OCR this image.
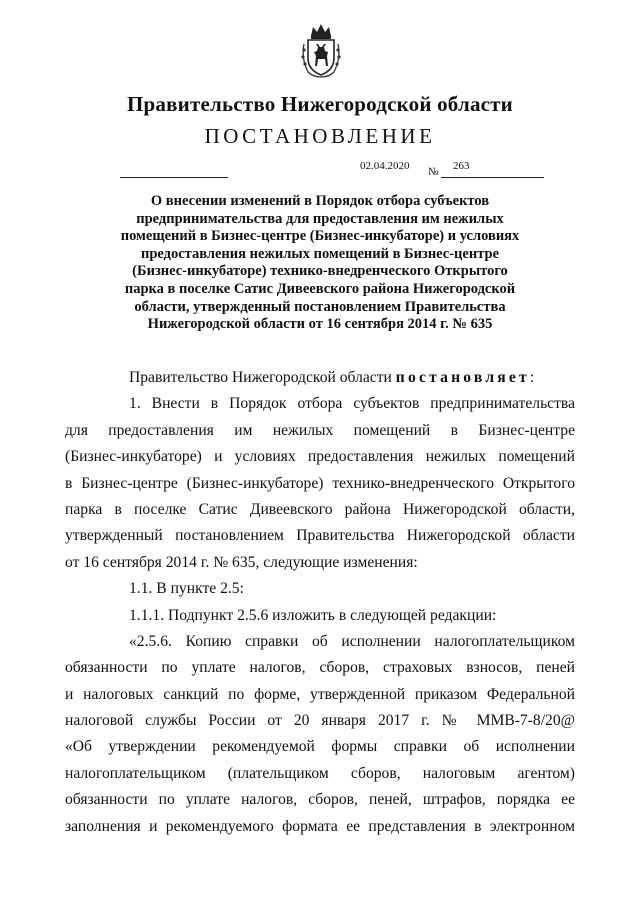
Правительство Нижегородской области
ПОСТАНОВЛЕНИЕ
02.04.2020 № 263
О внесении изменений в Порядок отбора субъектов
предпринимательства для предоставления им нежилых
помещений в Бизнес-центре (Бизнес-инкубаторе) и условиях
предоставления нежилых помещений в Бизнес-центре
(Бизнес-инкубаторе) технико-внедренческого Открытого
парка в поселке Сатис Дивеевского района Нижегородской
области, утвержденный постановлением Правительства
Нижегородской области от 16 сентября 2014 г. № 635
Правительство Нижегородской области постановляет:
1. Внести в Порядок отбора субъектов предпринимательства
для предоставления им нежилых помещений в Бизнес-центре
(Бизнес-инкубаторе) и условиях предоставления нежилых помещений
в Бизнес-центре (Бизнес-инкубаторе) технико-внедренческого Открытого
парка в поселке Сатис Дивеевского района Нижегородской области,
утвержденный постановлением Правительства Нижегородской области
от 16 сентября 2014 г. № 635, следующие изменения:
1.1. В пункте 2.5:
1.1.1. Подпункт 2.5.6 изложить в следующей редакции:
«2.5.6. Копию справки об исполнении налогоплательщиком
обязанности по уплате налогов, сборов, страховых взносов, пеней
и налоговых санкций по форме, утвержденной приказом Федеральной
налоговой службы России от 20 января 2017 г. № ММВ-7-8/20@
«Об утверждении рекомендуемой формы справки об исполнении
налогоплательщиком (плательщиком сборов, налоговым агентом)
обязанности по уплате налогов, сборов, пеней, штрафов, порядка ее
заполнения и рекомендуемого формата ее представления в электронном
